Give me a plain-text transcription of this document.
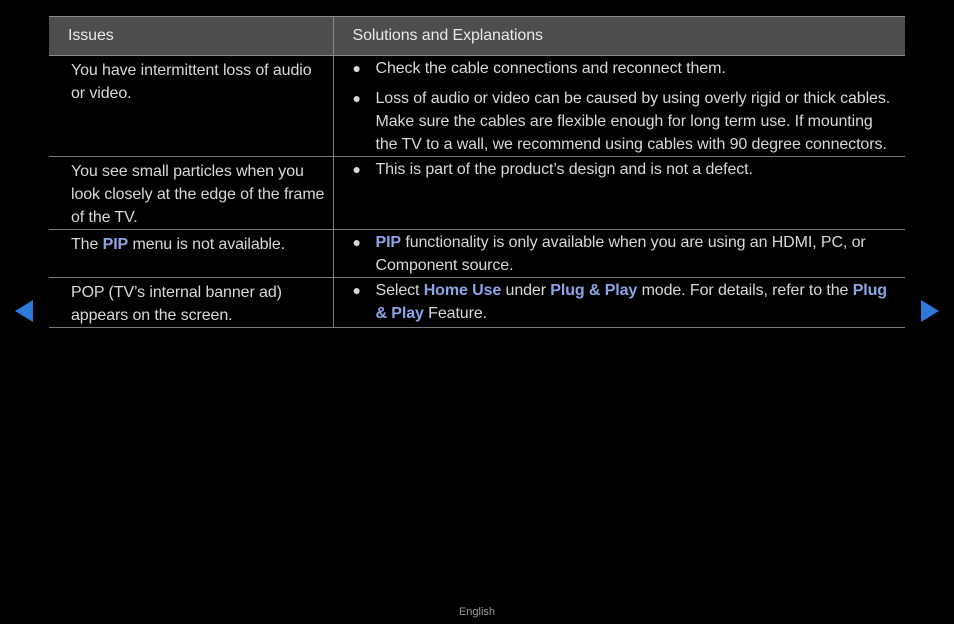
Issues	Solutions and Explanations
You have intermittent loss of audio or video.	● Check the cable connections and reconnect them.
● Loss of audio or video can be caused by using overly rigid or thick cables. Make sure the cables are flexible enough for long term use. If mounting the TV to a wall, we recommend using cables with 90 degree connectors.

You see small particles when you look closely at the edge of the frame of the TV.	● This is part of the product’s design and is not a defect.

The PIP menu is not available.	● PIP functionality is only available when you are using an HDMI, PC, or Component source.

POP (TV’s internal banner ad) appears on the screen.	● Select Home Use under Plug & Play mode. For details, refer to the Plug & Play Feature.
English
